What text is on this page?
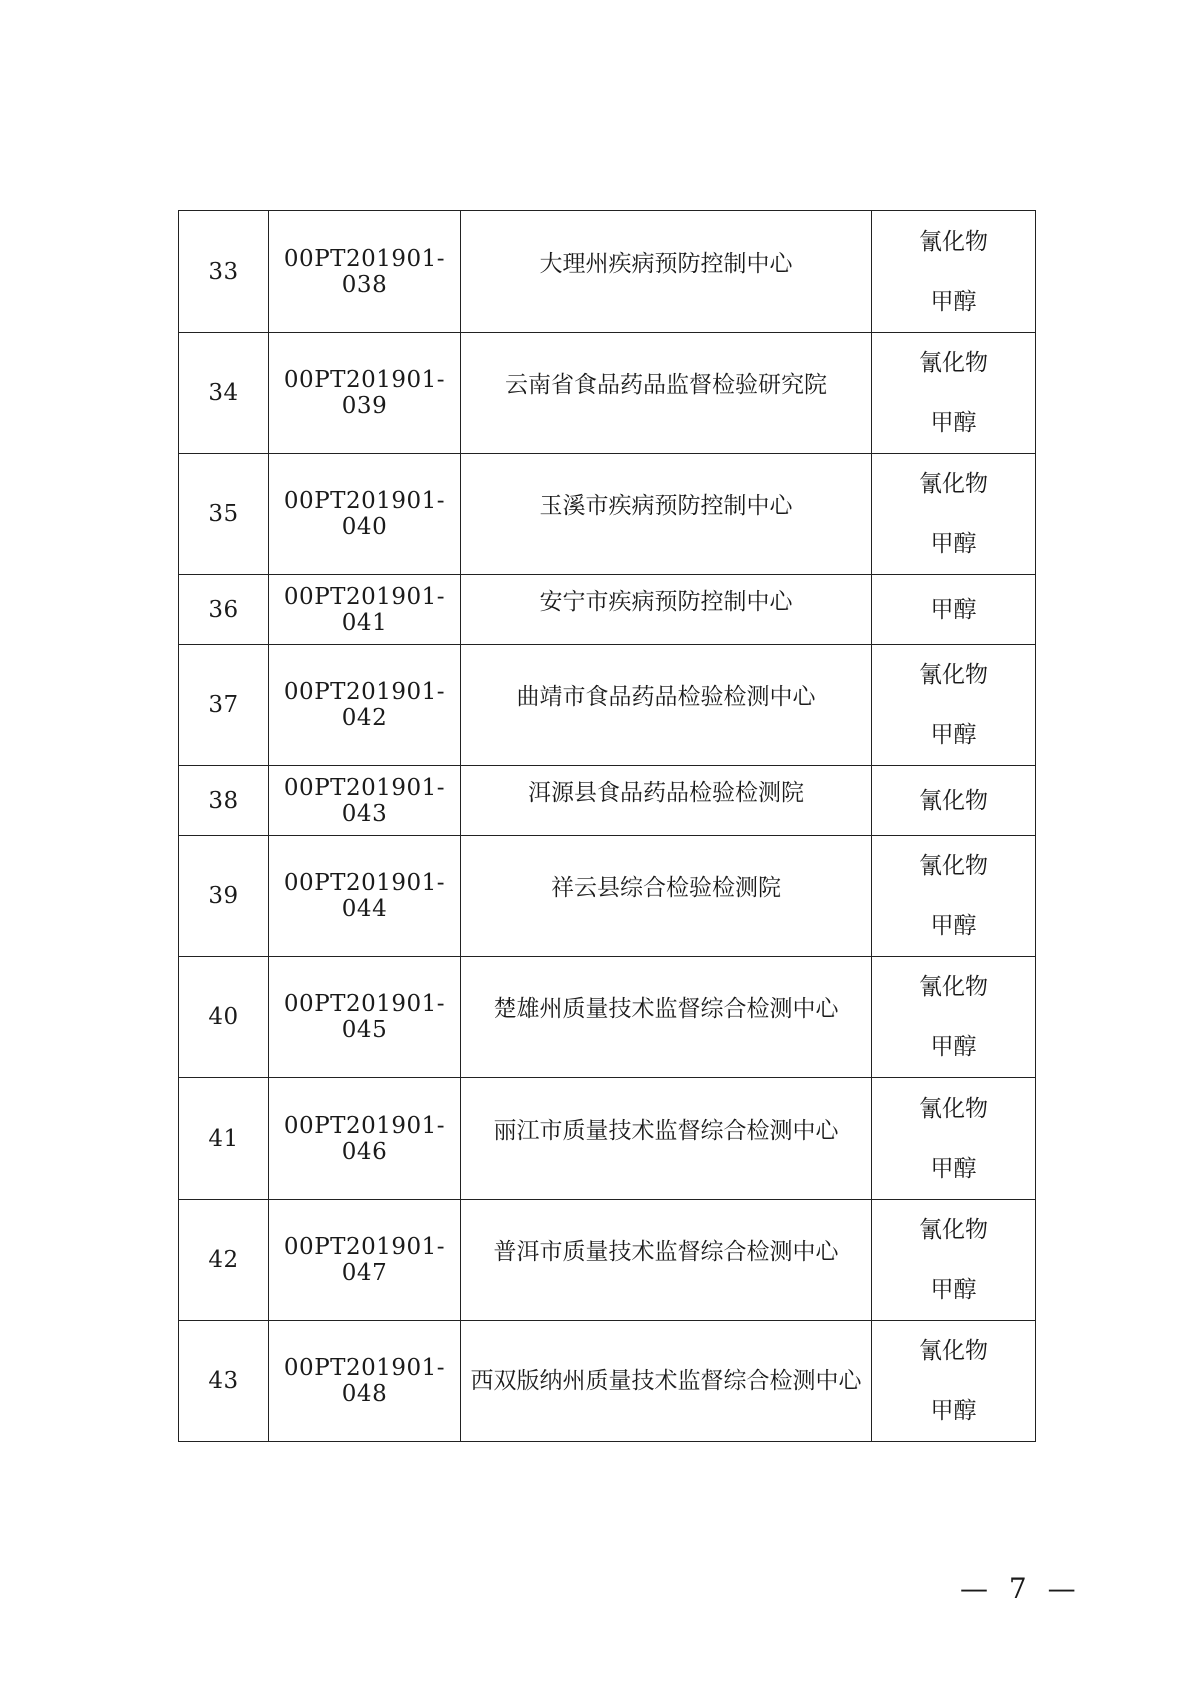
33	00PT201901-038	大理州疾病预防控制中心	氰化物
甲醇

34	00PT201901-039	云南省食品药品监督检验研究院	氰化物
甲醇

35	00PT201901-040	玉溪市疾病预防控制中心	氰化物
甲醇

36	00PT201901-041	安宁市疾病预防控制中心	甲醇

37	00PT201901-042	曲靖市食品药品检验检测中心	氰化物
甲醇

38	00PT201901-043	洱源县食品药品检验检测院	氰化物

39	00PT201901-044	祥云县综合检验检测院	氰化物
甲醇

40	00PT201901-045	楚雄州质量技术监督综合检测中心	氰化物
甲醇

41	00PT201901-046	丽江市质量技术监督综合检测中心	氰化物
甲醇

42	00PT201901-047	普洱市质量技术监督综合检测中心	氰化物
甲醇

43	00PT201901-048	西双版纳州质量技术监督综合检测中心	氰化物
甲醇
— 7 —
